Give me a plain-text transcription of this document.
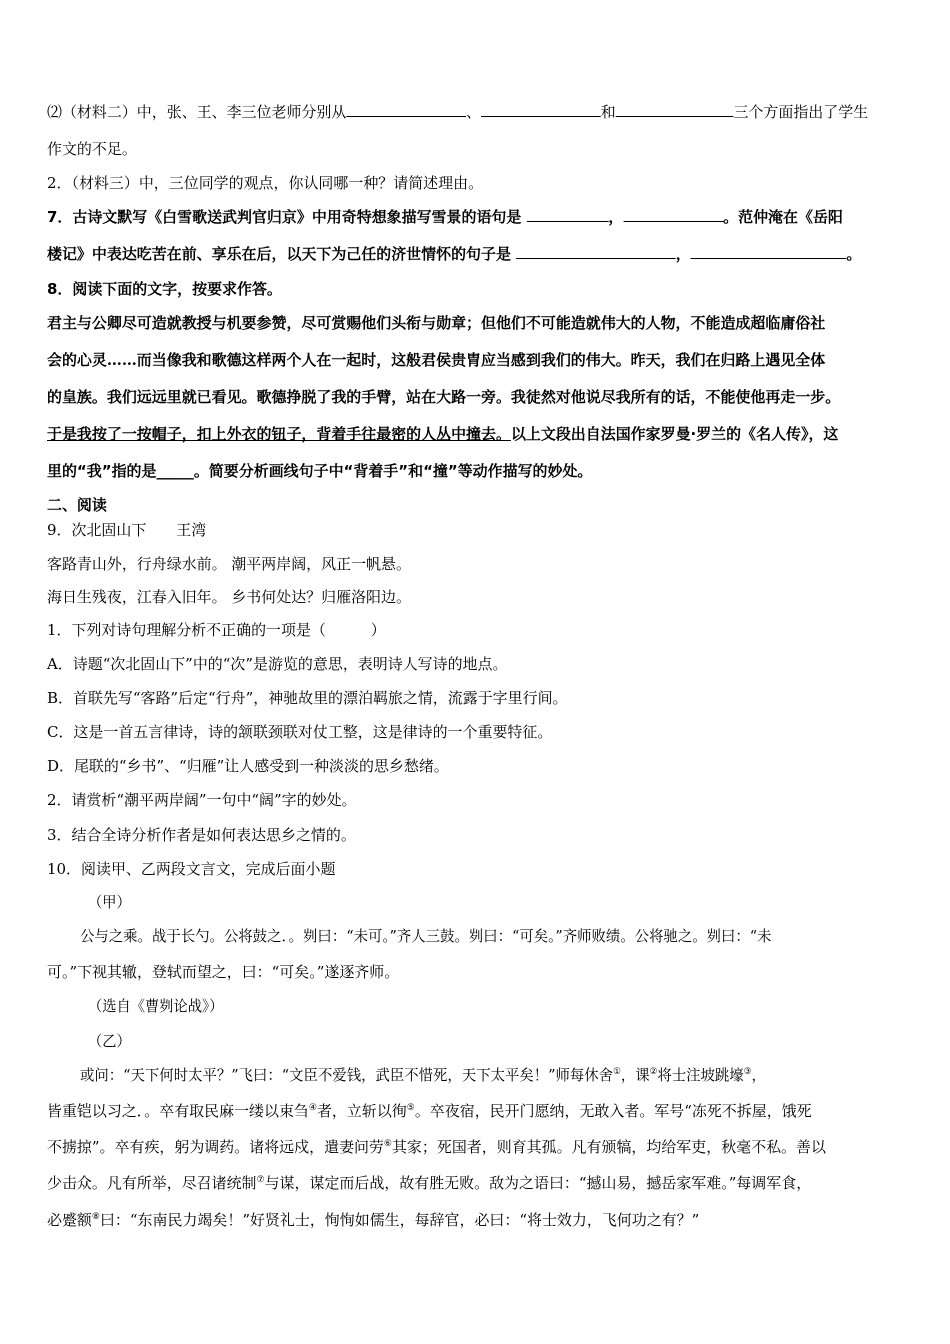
⑵（材料二）中，张、王、李三位老师分别从	、	和	三个方面指出了学生
作文的不足。
2．（材料三）中，三位同学的观点，你认同哪一种？请简述理由。
7．古诗文默写《白雪歌送武判官归京》中用奇特想象描写雪景的语句是	，	。范仲淹在《岳阳
楼记》中表达吃苦在前、享乐在后，以天下为己任的济世情怀的句子是	，	。
8．阅读下面的文字，按要求作答。
君主与公卿尽可造就教授与机要参赞，尽可赏赐他们头衔与勋章；但他们不可能造就伟大的人物，不能造成超临庸俗社
会的心灵……而当像我和歌德这样两个人在一起时，这般君侯贵胄应当感到我们的伟大。昨天，我们在归路上遇见全体
的皇族。我们远远里就已看见。歌德挣脱了我的手臂，站在大路一旁。我徒然对他说尽我所有的话，不能使他再走一步。
于是我按了一按帽子，扣上外衣的钮子，背着手往最密的人丛中撞去。以上文段出自法国作家罗曼·罗兰的《名人传》，这
里的“我”指的是_____。简要分析画线句子中“背着手”和“撞”等动作描写的妙处。
二、阅读
9．次北固山下　　王湾
客路青山外，行舟绿水前。 潮平两岸阔，风正一帆悬。
海日生残夜，江春入旧年。 乡书何处达？归雁洛阳边。
1．下列对诗句理解分析不正确的一项是（　　　）
A．诗题“次北固山下”中的“次”是游览的意思，表明诗人写诗的地点。
B．首联先写“客路”后定“行舟”，神驰故里的漂泊羁旅之情，流露于字里行间。
C．这是一首五言律诗，诗的颔联颈联对仗工整，这是律诗的一个重要特征。
D．尾联的“乡书”、“归雁”让人感受到一种淡淡的思乡愁绪。
2．请赏析“潮平两岸阔”一句中“阔”字的妙处。
3．结合全诗分析作者是如何表达思乡之情的。
10．阅读甲、乙两段文言文，完成后面小题
（甲）
公与之乘。战于长勺。公将鼓之．。刿曰：“未可。”齐人三鼓。刿曰：“可矣。”齐师败绩。公将驰之。刿曰：“未
可。”下视其辙，登轼而望之，曰：“可矣。”遂逐齐师。
（选自《曹刿论战》）
（乙）
或问：“天下何时太平？”飞曰：“文臣不爱钱，武臣不惜死，天下太平矣！”师每休舍①，课②将士注坡跳壕③，
皆重铠以习之．。卒有取民麻一缕以束刍④者，立斩以徇⑤。卒夜宿，民开门愿纳，无敢入者。军号“冻死不拆屋，饿死
不掳掠”。卒有疾，躬为调药。诸将远戍，遣妻问劳⑥其家；死国者，则育其孤。凡有颁犒，均给军吏，秋毫不私。善以
少击众。凡有所举，尽召诸统制⑦与谋，谋定而后战，故有胜无败。敌为之语曰：“撼山易，撼岳家军难。”每调军食，
必蹙额⑧曰：“东南民力竭矣！”好贤礼士，恂恂如儒生，每辞官，必曰：“将士效力，飞何功之有？”
